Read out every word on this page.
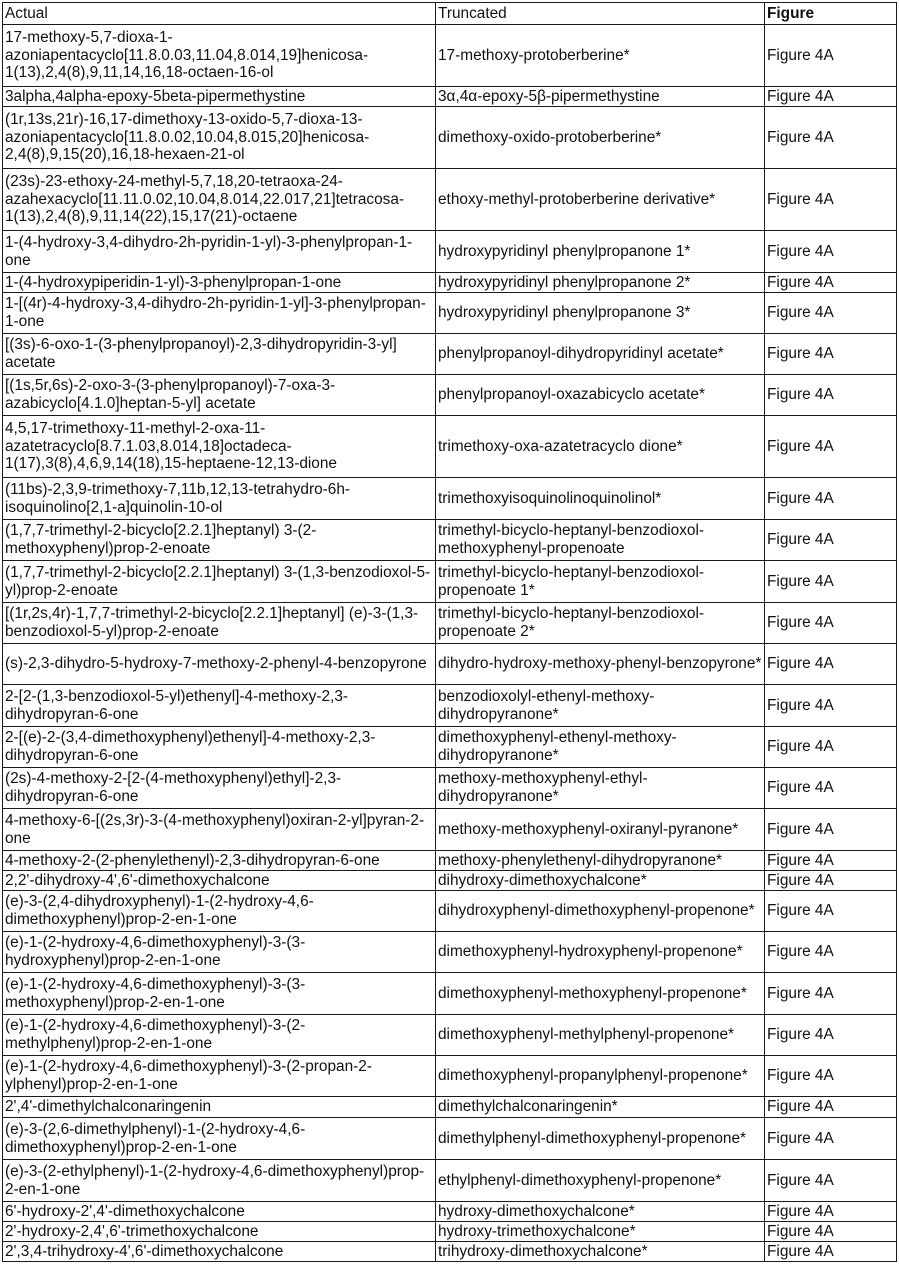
Actual	Truncated	Figure
17-methoxy-5,7-dioxa-1-azoniapentacyclo[11.8.0.03,11.04,8.014,19]henicosa-1(13),2,4(8),9,11,14,16,18-octaen-16-ol	17-methoxy-protoberberine*	Figure 4A
3alpha,4alpha-epoxy-5beta-pipermethystine	3α,4α-epoxy-5β-pipermethystine	Figure 4A
(1r,13s,21r)-16,17-dimethoxy-13-oxido-5,7-dioxa-13-azoniapentacyclo[11.8.0.02,10.04,8.015,20]henicosa-2,4(8),9,15(20),16,18-hexaen-21-ol	dimethoxy-oxido-protoberberine*	Figure 4A
(23s)-23-ethoxy-24-methyl-5,7,18,20-tetraoxa-24-azahexacyclo[11.11.0.02,10.04,8.014,22.017,21]tetracosa-1(13),2,4(8),9,11,14(22),15,17(21)-octaene	ethoxy-methyl-protoberberine derivative*	Figure 4A
1-(4-hydroxy-3,4-dihydro-2h-pyridin-1-yl)-3-phenylpropan-1-one	hydroxypyridinyl phenylpropanone 1*	Figure 4A
1-(4-hydroxypiperidin-1-yl)-3-phenylpropan-1-one	hydroxypyridinyl phenylpropanone 2*	Figure 4A
1-[(4r)-4-hydroxy-3,4-dihydro-2h-pyridin-1-yl]-3-phenylpropan-1-one	hydroxypyridinyl phenylpropanone 3*	Figure 4A
[(3s)-6-oxo-1-(3-phenylpropanoyl)-2,3-dihydropyridin-3-yl] acetate	phenylpropanoyl-dihydropyridinyl acetate*	Figure 4A
[(1s,5r,6s)-2-oxo-3-(3-phenylpropanoyl)-7-oxa-3-azabicyclo[4.1.0]heptan-5-yl] acetate	phenylpropanoyl-oxazabicyclo acetate*	Figure 4A
4,5,17-trimethoxy-11-methyl-2-oxa-11-azatetracyclo[8.7.1.03,8.014,18]octadeca-1(17),3(8),4,6,9,14(18),15-heptaene-12,13-dione	trimethoxy-oxa-azatetracyclo dione*	Figure 4A
(11bs)-2,3,9-trimethoxy-7,11b,12,13-tetrahydro-6h-isoquinolino[2,1-a]quinolin-10-ol	trimethoxyisoquinolinoquinolinol*	Figure 4A
(1,7,7-trimethyl-2-bicyclo[2.2.1]heptanyl) 3-(2-methoxyphenyl)prop-2-enoate	trimethyl-bicyclo-heptanyl-benzodioxol-methoxyphenyl-propenoate	Figure 4A
(1,7,7-trimethyl-2-bicyclo[2.2.1]heptanyl) 3-(1,3-benzodioxol-5-yl)prop-2-enoate	trimethyl-bicyclo-heptanyl-benzodioxol-propenoate 1*	Figure 4A
[(1r,2s,4r)-1,7,7-trimethyl-2-bicyclo[2.2.1]heptanyl] (e)-3-(1,3-benzodioxol-5-yl)prop-2-enoate	trimethyl-bicyclo-heptanyl-benzodioxol-propenoate 2*	Figure 4A
(s)-2,3-dihydro-5-hydroxy-7-methoxy-2-phenyl-4-benzopyrone	dihydro-hydroxy-methoxy-phenyl-benzopyrone*	Figure 4A
2-[2-(1,3-benzodioxol-5-yl)ethenyl]-4-methoxy-2,3-dihydropyran-6-one	benzodioxolyl-ethenyl-methoxy-dihydropyranone*	Figure 4A
2-[(e)-2-(3,4-dimethoxyphenyl)ethenyl]-4-methoxy-2,3-dihydropyran-6-one	dimethoxyphenyl-ethenyl-methoxy-dihydropyranone*	Figure 4A
(2s)-4-methoxy-2-[2-(4-methoxyphenyl)ethyl]-2,3-dihydropyran-6-one	methoxy-methoxyphenyl-ethyl-dihydropyranone*	Figure 4A
4-methoxy-6-[(2s,3r)-3-(4-methoxyphenyl)oxiran-2-yl]pyran-2-one	methoxy-methoxyphenyl-oxiranyl-pyranone*	Figure 4A
4-methoxy-2-(2-phenylethenyl)-2,3-dihydropyran-6-one	methoxy-phenylethenyl-dihydropyranone*	Figure 4A
2,2'-dihydroxy-4',6'-dimethoxychalcone	dihydroxy-dimethoxychalcone*	Figure 4A
(e)-3-(2,4-dihydroxyphenyl)-1-(2-hydroxy-4,6-dimethoxyphenyl)prop-2-en-1-one	dihydroxyphenyl-dimethoxyphenyl-propenone*	Figure 4A
(e)-1-(2-hydroxy-4,6-dimethoxyphenyl)-3-(3-hydroxyphenyl)prop-2-en-1-one	dimethoxyphenyl-hydroxyphenyl-propenone*	Figure 4A
(e)-1-(2-hydroxy-4,6-dimethoxyphenyl)-3-(3-methoxyphenyl)prop-2-en-1-one	dimethoxyphenyl-methoxyphenyl-propenone*	Figure 4A
(e)-1-(2-hydroxy-4,6-dimethoxyphenyl)-3-(2-methylphenyl)prop-2-en-1-one	dimethoxyphenyl-methylphenyl-propenone*	Figure 4A
(e)-1-(2-hydroxy-4,6-dimethoxyphenyl)-3-(2-propan-2-ylphenyl)prop-2-en-1-one	dimethoxyphenyl-propanylphenyl-propenone*	Figure 4A
2',4'-dimethylchalconaringenin	dimethylchalconaringenin*	Figure 4A
(e)-3-(2,6-dimethylphenyl)-1-(2-hydroxy-4,6-dimethoxyphenyl)prop-2-en-1-one	dimethylphenyl-dimethoxyphenyl-propenone*	Figure 4A
(e)-3-(2-ethylphenyl)-1-(2-hydroxy-4,6-dimethoxyphenyl)prop-2-en-1-one	ethylphenyl-dimethoxyphenyl-propenone*	Figure 4A
6'-hydroxy-2',4'-dimethoxychalcone	hydroxy-dimethoxychalcone*	Figure 4A
2'-hydroxy-2,4',6'-trimethoxychalcone	hydroxy-trimethoxychalcone*	Figure 4A
2',3,4-trihydroxy-4',6'-dimethoxychalcone	trihydroxy-dimethoxychalcone*	Figure 4A
